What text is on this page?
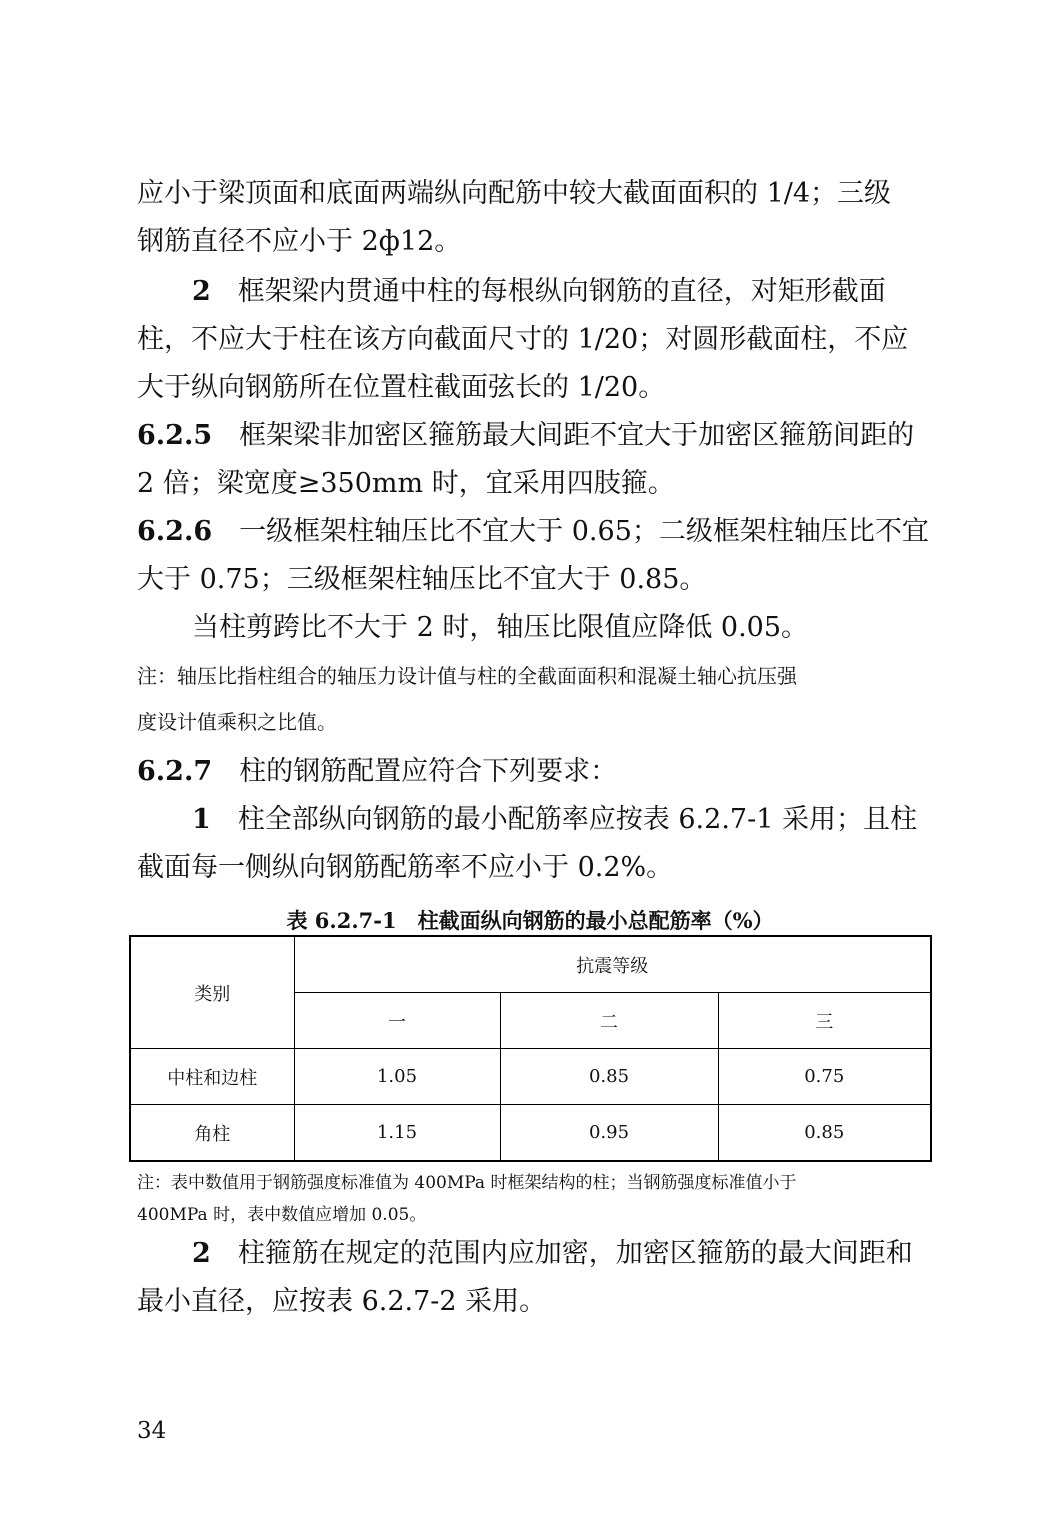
应小于梁顶面和底面两端纵向配筋中较大截面面积的 1/4；三级
钢筋直径不应小于 2ф12。
2　 框架梁内贯通中柱的每根纵向钢筋的直径，对矩形截面
柱，不应大于柱在该方向截面尺寸的 1/20；对圆形截面柱，不应
大于纵向钢筋所在位置柱截面弦长的 1/20。
6.2.5　 框架梁非加密区箍筋最大间距不宜大于加密区箍筋间距的
2 倍；梁宽度≥350mm 时，宜采用四肢箍。
6.2.6　 一级框架柱轴压比不宜大于 0.65；二级框架柱轴压比不宜
大于 0.75；三级框架柱轴压比不宜大于 0.85。
当柱剪跨比不大于 2 时，轴压比限值应降低 0.05。
注：轴压比指柱组合的轴压力设计值与柱的全截面面积和混凝土轴心抗压强
度设计值乘积之比值。
6.2.7　 柱的钢筋配置应符合下列要求：
1　 柱全部纵向钢筋的最小配筋率应按表 6.2.7-1 采用；且柱
截面每一侧纵向钢筋配筋率不应小于 0.2%。
表 6.2.7-1　柱截面纵向钢筋的最小总配筋率（%）
类别	抗震等级		
	一	二	三
中柱和边柱	1.05	0.85	0.75
角柱	1.15	0.95	0.85
注：表中数值用于钢筋强度标准值为 400MPa 时框架结构的柱；当钢筋强度标准值小于
400MPa 时，表中数值应增加 0.05。
2　 柱箍筋在规定的范围内应加密，加密区箍筋的最大间距和
最小直径，应按表 6.2.7-2 采用。
34
